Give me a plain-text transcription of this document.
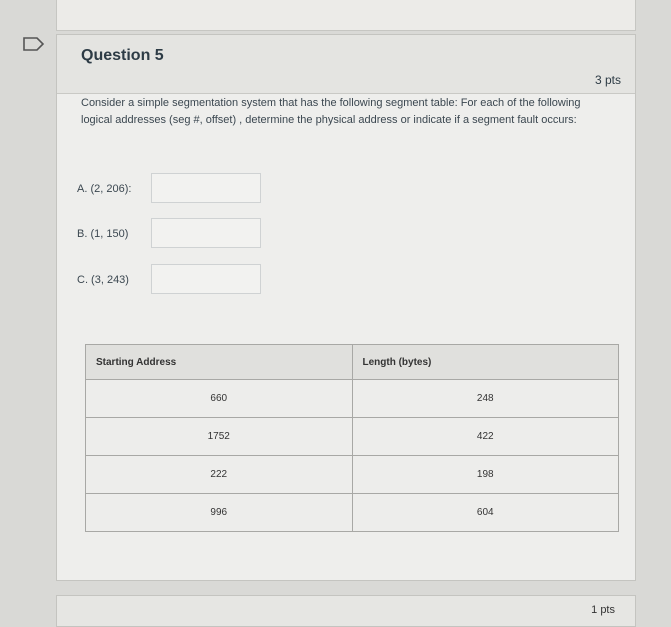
Question 5
3 pts
Consider a simple segmentation system that has the following segment table: For each of the following logical addresses (seg #, offset) , determine the physical address or indicate if a segment fault occurs:
A. (2, 206):
B. (1, 150)
C. (3, 243)
Starting Address	Length (bytes)
660	248
1752	422
222	198
996	604
1 pts
